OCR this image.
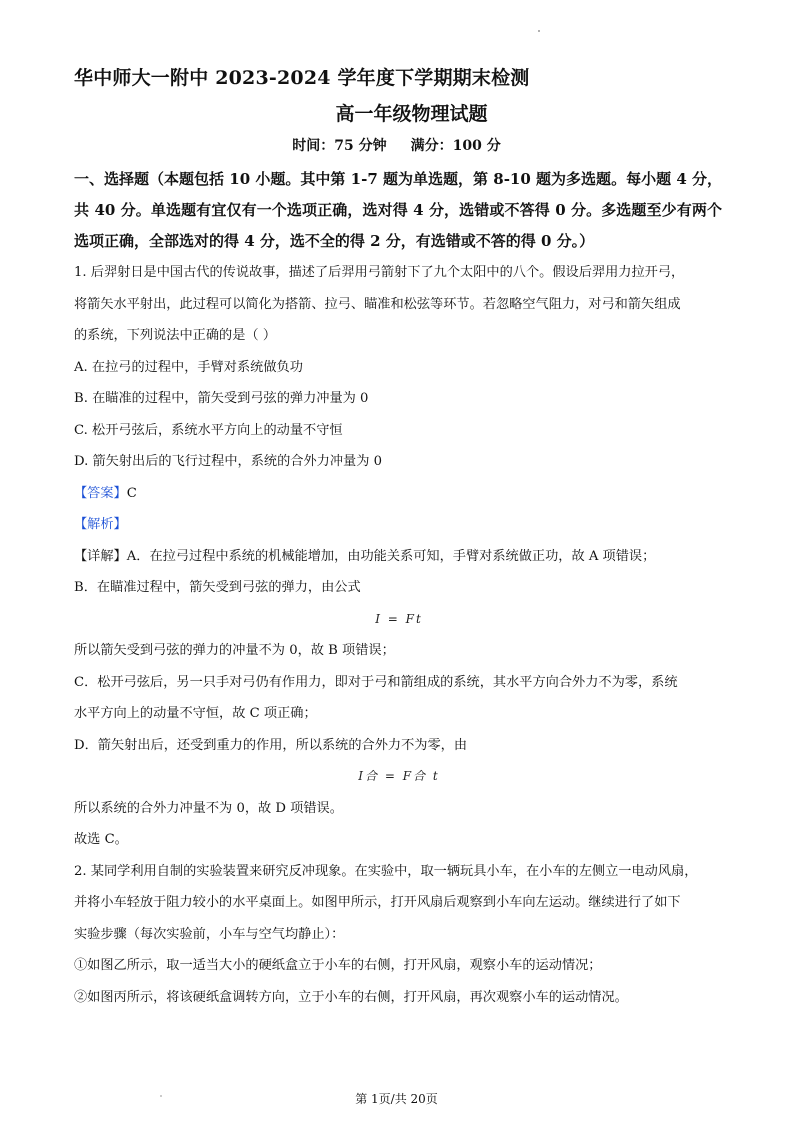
华中师大一附中 2023-2024 学年度下学期期末检测
高一年级物理试题
时间：75 分钟 满分：100 分
一、选择题（本题包括 10 小题。其中第 1-7 题为单选题，第 8-10 题为多选题。每小题 4 分，共 40 分。单选题有宜仅有一个选项正确，选对得 4 分，选错或不答得 0 分。多选题至少有两个选项正确，全部选对的得 4 分，选不全的得 2 分，有选错或不答的得 0 分。）
1. 后羿射日是中国古代的传说故事，描述了后羿用弓箭射下了九个太阳中的八个。假设后羿用力拉开弓，
将箭矢水平射出，此过程可以简化为搭箭、拉弓、瞄准和松弦等环节。若忽略空气阻力，对弓和箭矢组成
的系统，下列说法中正确的是（ ）
A. 在拉弓的过程中，手臂对系统做负功
B. 在瞄准的过程中，箭矢受到弓弦的弹力冲量为 0
C. 松开弓弦后，系统水平方向上的动量不守恒
D. 箭矢射出后的飞行过程中，系统的合外力冲量为 0
【答案】C
【解析】
【详解】A．在拉弓过程中系统的机械能增加，由功能关系可知，手臂对系统做正功，故 A 项错误；
B．在瞄准过程中，箭矢受到弓弦的弹力，由公式
I = Ft
所以箭矢受到弓弦的弹力的冲量不为 0，故 B 项错误；
C．松开弓弦后，另一只手对弓仍有作用力，即对于弓和箭组成的系统，其水平方向合外力不为零，系统
水平方向上的动量不守恒，故 C 项正确；
D．箭矢射出后，还受到重力的作用，所以系统的合外力不为零，由
I合 = F合 t
所以系统的合外力冲量不为 0，故 D 项错误。
故选 C。
2. 某同学利用自制的实验装置来研究反冲现象。在实验中，取一辆玩具小车，在小车的左侧立一电动风扇，
并将小车轻放于阻力较小的水平桌面上。如图甲所示，打开风扇后观察到小车向左运动。继续进行了如下
实验步骤（每次实验前，小车与空气均静止）：
①如图乙所示，取一适当大小的硬纸盒立于小车的右侧，打开风扇，观察小车的运动情况；
②如图丙所示，将该硬纸盒调转方向，立于小车的右侧，打开风扇，再次观察小车的运动情况。
第 1页/共 20页
